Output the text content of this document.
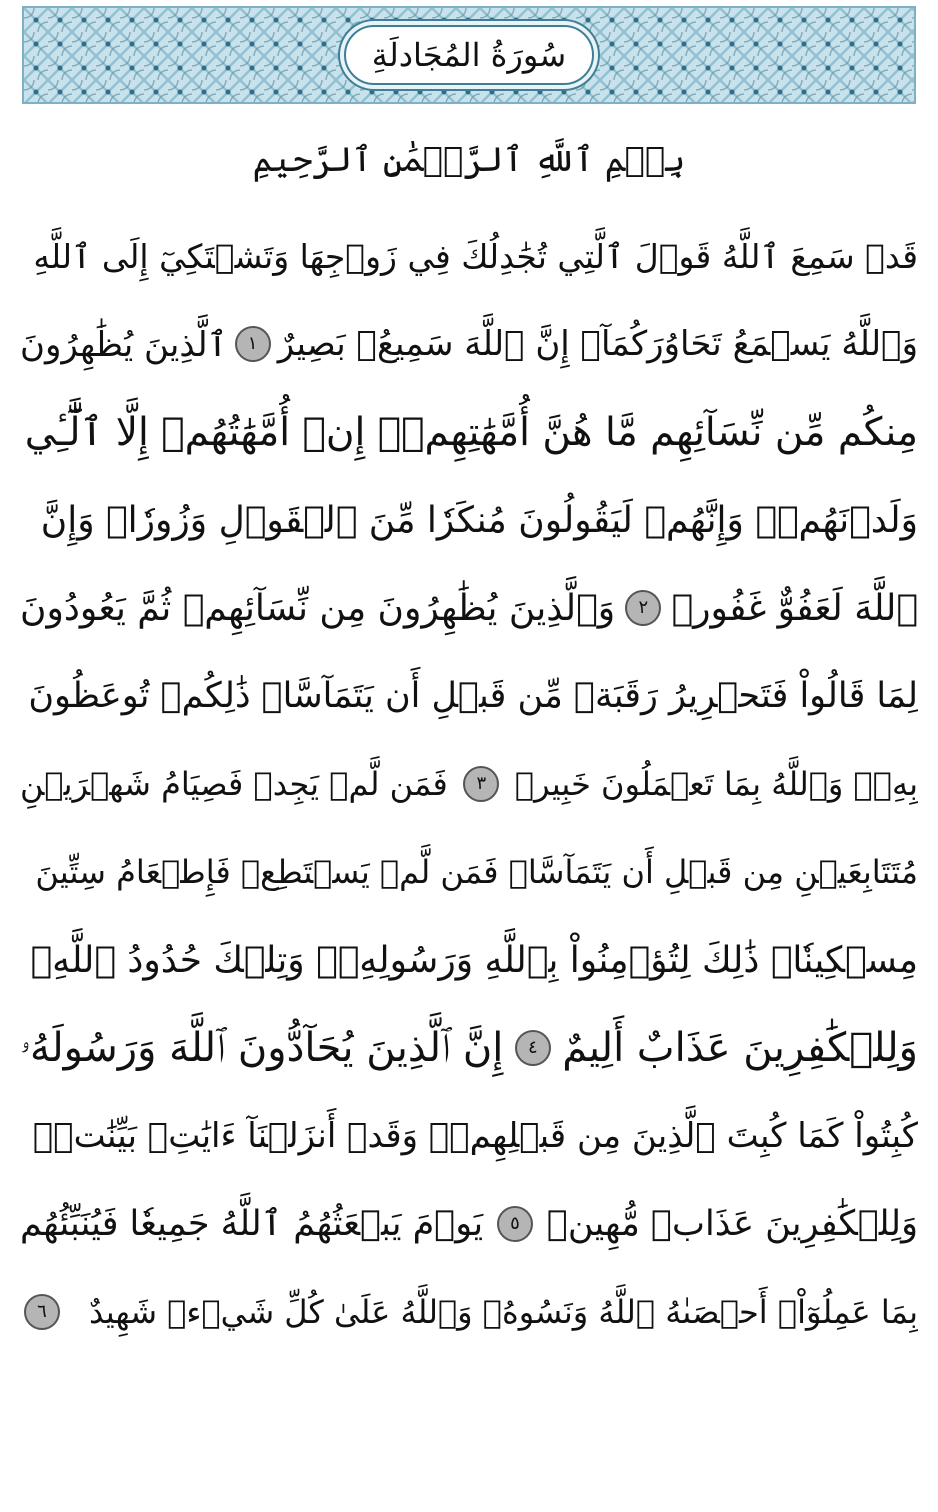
سُورَةُ المُجَادلَةِ
بِسۡمِ ٱللَّهِ ٱلرَّحۡمَٰنِ ٱلرَّحِيمِ
قَدۡ سَمِعَ ٱللَّهُ قَوۡلَ ٱلَّتِي تُجَٰدِلُكَ فِي زَوۡجِهَا وَتَشۡتَكِيٓ إِلَى ٱللَّهِ
وَٱللَّهُ يَسۡمَعُ تَحَاوُرَكُمَآۚ إِنَّ ٱللَّهَ سَمِيعُۢ بَصِيرٌ
١
ٱلَّذِينَ يُظَٰهِرُونَ
مِنكُم مِّن نِّسَآئِهِم مَّا هُنَّ أُمَّهَٰتِهِمۡۖ إِنۡ أُمَّهَٰتُهُمۡ إِلَّا ٱلَّٰٓـِٔي
وَلَدۡنَهُمۡۚ وَإِنَّهُمۡ لَيَقُولُونَ مُنكَرٗا مِّنَ ٱلۡقَوۡلِ وَزُورٗاۚ وَإِنَّ
ٱللَّهَ لَعَفُوٌّ غَفُورٞ
٢
وَٱلَّذِينَ يُظَٰهِرُونَ مِن نِّسَآئِهِمۡ ثُمَّ يَعُودُونَ
لِمَا قَالُواْ فَتَحۡرِيرُ رَقَبَةٖ مِّن قَبۡلِ أَن يَتَمَآسَّاۚ ذَٰلِكُمۡ تُوعَظُونَ
بِهِۦۚ وَٱللَّهُ بِمَا تَعۡمَلُونَ خَبِيرٞ
٣
فَمَن لَّمۡ يَجِدۡ فَصِيَامُ شَهۡرَيۡنِ
مُتَتَابِعَيۡنِ مِن قَبۡلِ أَن يَتَمَآسَّاۖ فَمَن لَّمۡ يَسۡتَطِعۡ فَإِطۡعَامُ سِتِّينَ
مِسۡكِينٗاۚ ذَٰلِكَ لِتُؤۡمِنُواْ بِٱللَّهِ وَرَسُولِهِۦۚ وَتِلۡكَ حُدُودُ ٱللَّهِۗ
وَلِلۡكَٰفِرِينَ عَذَابٌ أَلِيمٌ
٤
إِنَّ ٱلَّذِينَ يُحَآدُّونَ ٱللَّهَ وَرَسُولَهُۥ
كُبِتُواْ كَمَا كُبِتَ ٱلَّذِينَ مِن قَبۡلِهِمۡۚ وَقَدۡ أَنزَلۡنَآ ءَايَٰتِۭ بَيِّنَٰتٖۚ
وَلِلۡكَٰفِرِينَ عَذَابٞ مُّهِينٞ
٥
يَوۡمَ يَبۡعَثُهُمُ ٱللَّهُ جَمِيعٗا فَيُنَبِّئُهُم
بِمَا عَمِلُوٓاْۚ أَحۡصَىٰهُ ٱللَّهُ وَنَسُوهُۚ وَٱللَّهُ عَلَىٰ كُلِّ شَيۡءٖ شَهِيدٌ
٦
